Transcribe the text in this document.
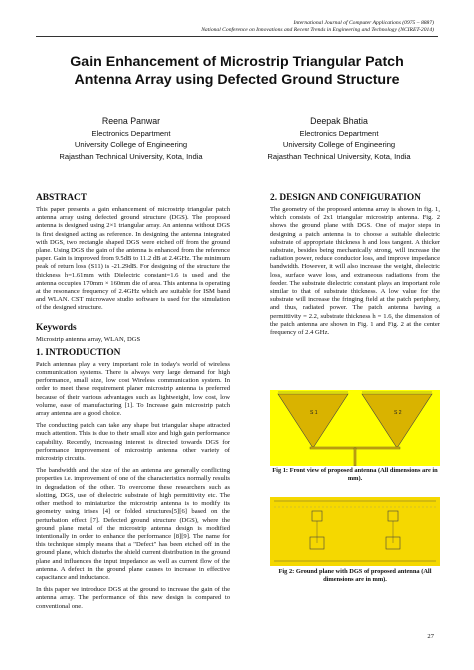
International Journal of Computer Applications (0975 – 8887)
National Conference on Innovations and Recent Trends in Engineering and Technology (NCIRET-2014)
Gain Enhancement of Microstrip Triangular Patch
Antenna Array using Defected Ground Structure
Reena Panwar
Electronics Department
University College of Engineering
Rajasthan Technical University, Kota, India
Deepak Bhatia
Electronics Department
University College of Engineering
Rajasthan Technical University, Kota, India
ABSTRACT

This paper presents a gain enhancement of microstrip triangular patch antenna array using defected ground structure (DGS). The proposed antenna is designed using 2×1 triangular array. An antenna without DGS is first designed acting as reference. In designing the antenna integrated with DGS, two rectangle shaped DGS were etched off from the ground plane. Using DGS the gain of the antenna is enhanced from the reference paper. Gain is improved from 9.5dB to 11.2 dB at 2.4GHz. The minimum peak of return loss (S11) is -21.29dB. For designing of the structure the thickness h=1.61mm with Dielectric constant=1.6 is used and the antenna occupies 170mm × 160mm die of area. This antenna is operating at the resonance frequency of 2.4GHz which are suitable for ISM band and WLAN. CST microwave studio software is used for the simulation of the designed structure.

Keywords

Microstrip antenna array, WLAN, DGS

1. INTRODUCTION

Patch antennas play a very important role in today's world of wireless communication systems. There is always very large demand for high performance, small size, low cost Wireless communication system. In order to meet these requirement planer microstrip antenna is preferred because of their various advantages such as lightweight, low cost, low volume, ease of manufacturing [1]. To Increase gain microstrip patch array antenna are a good choice.

The conducting patch can take any shape but triangular shape attracted much attention. This is due to their small size and high gain performance capability. Recently, increasing interest is directed towards DGS for performance improvement of microstrip antenna other variety of microstrip circuits.

The bandwidth and the size of the an antenna are generally conflicting properties i.e. improvement of one of the characteristics normally results in degradation of the other. To overcome these researchers such as slotting, DGS, use of dielectric substrate of high permittivity etc. The other method to miniaturize the microstrip antenna is to modify its geometry using irises [4] or folded structures[5][6] based on the perturbation effect [7]. Defected ground structure (DGS), where the ground plane metal of the microstrip antenna design is modified intentionally in order to enhance the performance [8][9]. The name for this technique simply means that a "Defect" has been etched off in the ground plane, which disturbs the shield current distribution in the ground plane and influences the input impedance as well as current flow of the antenna. A defect in the ground plane causes to increase in effective capacitance and inductance.

In this paper we introduce DGS at the ground to increase the gain of the antenna array. The performance of this new design is compared to conventional one.

2. DESIGN AND CONFIGURATION

The geometry of the proposed antenna array is shown in fig. 1, which consists of 2x1 triangular microstrip antenna. Fig. 2 shows the ground plane with DGS. One of major steps in designing a patch antenna is to choose a suitable dielectric substrate of appropriate thickness h and loss tangent. A thicker substrate, besides being mechanically strong, will increase the radiation power, reduce conductor loss, and improve impedance bandwidth. However, it will also increase the weight, dielectric loss, surface wave loss, and extraneous radiations from the feeder. The substrate dielectric constant plays an important role similar to that of substrate thickness. A low value for the substrate will increase the fringing field at the patch periphery, and thus, radiated power. The patch antenna having a permittivity = 2.2, substrate thickness h = 1.6, the dimension of the patch antenna are shown in Fig. 1 and Fig. 2 at the center frequency of 2.4 GHz.

S 1	S 2
Fig 1: Front view of proposed antenna (All dimensions are in mm).
Fig 2: Ground plane with DGS of proposed antenna (All dimensions are in mm).
27
